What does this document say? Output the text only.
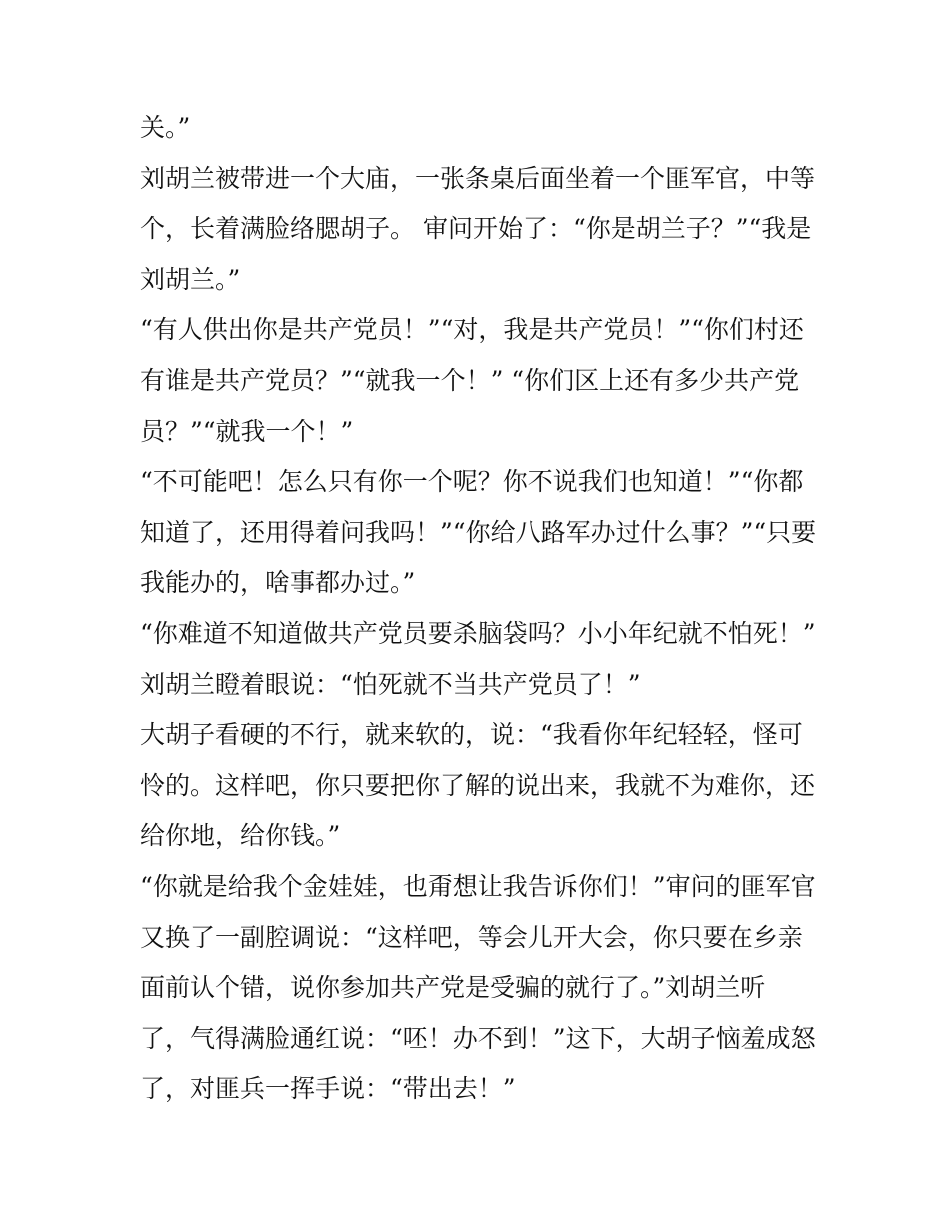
关。”
刘胡兰被带进一个大庙，一张条桌后面坐着一个匪军官，中等
个，长着满脸络腮胡子。 审问开始了：“你是胡兰子？”“我是
刘胡兰。”
“有人供出你是共产党员！”“对，我是共产党员！”“你们村还
有谁是共产党员？”“就我一个！” “你们区上还有多少共产党
员？”“就我一个！”
“不可能吧！怎么只有你一个呢？你不说我们也知道！”“你都
知道了，还用得着问我吗！”“你给八路军办过什么事？”“只要
我能办的，啥事都办过。”
“你难道不知道做共产党员要杀脑袋吗？小小年纪就不怕死！”
刘胡兰瞪着眼说：“怕死就不当共产党员了！”
大胡子看硬的不行，就来软的，说：“我看你年纪轻轻，怪可
怜的。这样吧，你只要把你了解的说出来，我就不为难你，还
给你地，给你钱。”
“你就是给我个金娃娃，也甭想让我告诉你们！”审问的匪军官
又换了一副腔调说：“这样吧，等会儿开大会，你只要在乡亲
面前认个错，说你参加共产党是受骗的就行了。”刘胡兰听
了，气得满脸通红说：“呸！办不到！”这下，大胡子恼羞成怒
了，对匪兵一挥手说：“带出去！”
